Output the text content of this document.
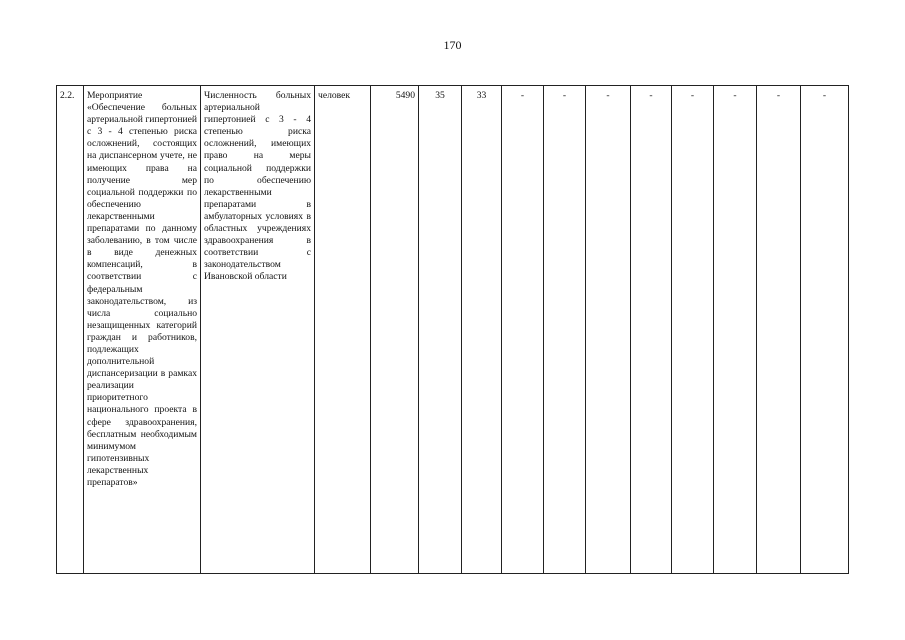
170
2.2.	Мероприятие «Обеспечение больных артериальной гипертонией с 3 - 4 степенью риска осложнений, состоящих на диспансерном учете, не имеющих права на получение мер социальной поддержки по обеспечению лекарственными препаратами по данному заболеванию, в том числе в виде денежных компенсаций, в соответствии с федеральным законодательством, из числа социально незащищенных категорий граждан и работников, подлежащих дополнительной диспансеризации в рамках реализации приоритетного национального проекта в сфере здравоохранения, бесплатным необходимым минимумом гипотензивных лекарственных препаратов»	Численность больных артериальной гипертонией с 3 - 4 степенью риска осложнений, имеющих право на меры социальной поддержки по обеспечению лекарственными препаратами в амбулаторных условиях в областных учреждениях здравоохранения в соответствии с законодательством Ивановской области	человек	5490	35	33	-	-	-	-	-	-	-	-
